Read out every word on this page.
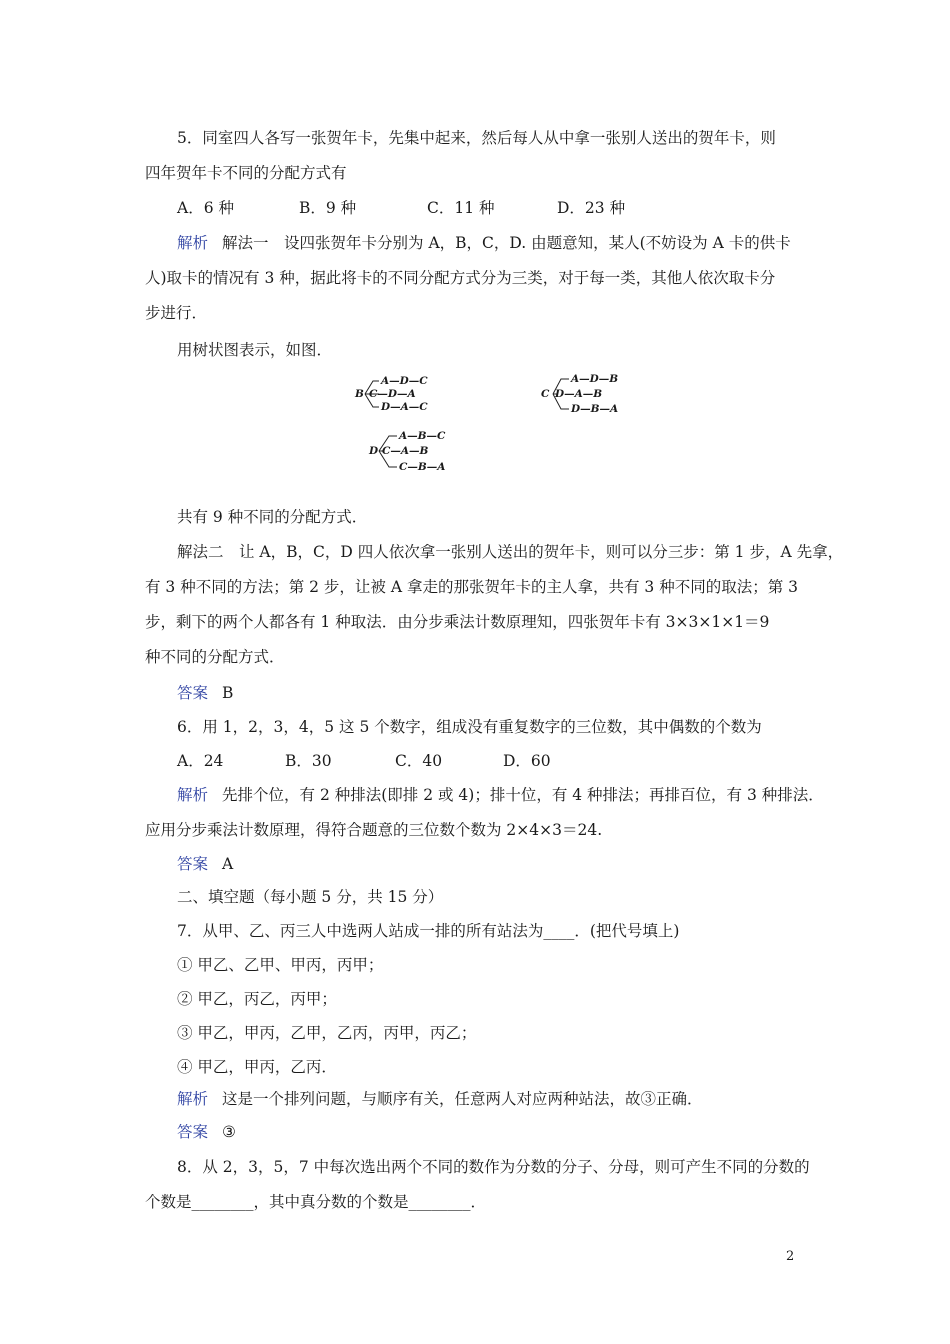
5．同室四人各写一张贺年卡，先集中起来，然后每人从中拿一张别人送出的贺年卡，则
四年贺年卡不同的分配方式有
A．6 种	B．9 种	C．11 种	D．23 种
解析 解法一　设四张贺年卡分别为 A，B，C，D. 由题意知，某人(不妨设为 A 卡的供卡
人)取卡的情况有 3 种，据此将卡的不同分配方式分为三类，对于每一类，其他人依次取卡分
步进行．
用树状图表示，如图．
B
A—D—C
C—D—A
D—A—C
C
A—D—B
D—A—B
D—B—A
D
A—B—C
C—A—B
C—B—A
共有 9 种不同的分配方式．
解法二　让 A，B，C，D 四人依次拿一张别人送出的贺年卡，则可以分三步：第 1 步，A 先拿，
有 3 种不同的方法；第 2 步，让被 A 拿走的那张贺年卡的主人拿，共有 3 种不同的取法；第 3
步，剩下的两个人都各有 1 种取法．由分步乘法计数原理知，四张贺年卡有 3×3×1×1＝9
种不同的分配方式．
答案 B
6．用 1，2，3，4，5 这 5 个数字，组成没有重复数字的三位数，其中偶数的个数为
A．24	B．30	C．40	D．60
解析 先排个位，有 2 种排法(即排 2 或 4)；排十位，有 4 种排法；再排百位，有 3 种排法．
应用分步乘法计数原理，得符合题意的三位数个数为 2×4×3＝24.
答案 A
二、填空题（每小题 5 分，共 15 分）
7．从甲、乙、丙三人中选两人站成一排的所有站法为____．(把代号填上)
① 甲乙、乙甲、甲丙，丙甲；
② 甲乙，丙乙，丙甲；
③ 甲乙，甲丙，乙甲，乙丙，丙甲，丙乙；
④ 甲乙，甲丙，乙丙．
解析 这是一个排列问题，与顺序有关，任意两人对应两种站法，故③正确．
答案 ③
8．从 2，3，5，7 中每次选出两个不同的数作为分数的分子、分母，则可产生不同的分数的
个数是________，其中真分数的个数是________．
2
